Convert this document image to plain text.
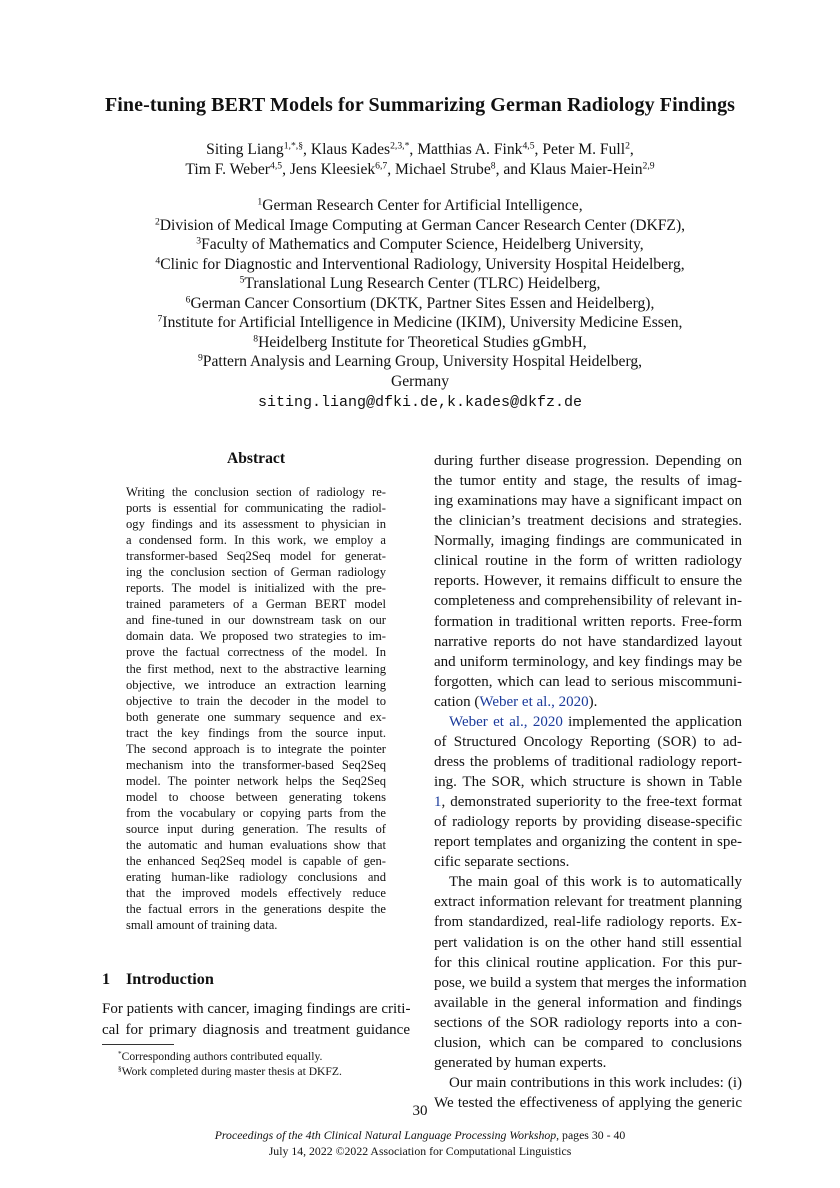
Fine-tuning BERT Models for Summarizing German Radiology Findings
Siting Liang$^{1,*,\S}$, Klaus Kades$^{2,3,*}$, Matthias A. Fink$^{4,5}$, Peter M. Full$^2$,
Tim F. Weber$^{4,5}$, Jens Kleesiek$^{6,7}$, Michael Strube$^8$, and Klaus Maier-Hein$^{2,9}$
$^1$German Research Center for Artificial Intelligence,
$^2$Division of Medical Image Computing at German Cancer Research Center (DKFZ),
$^3$Faculty of Mathematics and Computer Science, Heidelberg University,
$^4$Clinic for Diagnostic and Interventional Radiology, University Hospital Heidelberg,
$^5$Translational Lung Research Center (TLRC) Heidelberg,
$^6$German Cancer Consortium (DKTK, Partner Sites Essen and Heidelberg),
$^7$Institute for Artificial Intelligence in Medicine (IKIM), University Medicine Essen,
$^8$Heidelberg Institute for Theoretical Studies gGmbH,
$^9$Pattern Analysis and Learning Group, University Hospital Heidelberg,
Germany
siting.liang@dfki.de,k.kades@dkfz.de
Abstract
Writing the conclusion section of radiology re-
ports is essential for communicating the radiol-
ogy findings and its assessment to physician in
a condensed form. In this work, we employ a
transformer-based Seq2Seq model for generat-
ing the conclusion section of German radiology
reports. The model is initialized with the pre-
trained parameters of a German BERT model
and fine-tuned in our downstream task on our
domain data. We proposed two strategies to im-
prove the factual correctness of the model. In
the first method, next to the abstractive learning
objective, we introduce an extraction learning
objective to train the decoder in the model to
both generate one summary sequence and ex-
tract the key findings from the source input.
The second approach is to integrate the pointer
mechanism into the transformer-based Seq2Seq
model. The pointer network helps the Seq2Seq
model to choose between generating tokens
from the vocabulary or copying parts from the
source input during generation. The results of
the automatic and human evaluations show that
the enhanced Seq2Seq model is capable of gen-
erating human-like radiology conclusions and
that the improved models effectively reduce
the factual errors in the generations despite the
small amount of training data.
1 Introduction
For patients with cancer, imaging findings are criti-
cal for primary diagnosis and treatment guidance
*Corresponding authors contributed equally.
§Work completed during master thesis at DKFZ.
during further disease progression. Depending on
the tumor entity and stage, the results of imag-
ing examinations may have a significant impact on
the clinician’s treatment decisions and strategies.
Normally, imaging findings are communicated in
clinical routine in the form of written radiology
reports. However, it remains difficult to ensure the
completeness and comprehensibility of relevant in-
formation in traditional written reports. Free-form
narrative reports do not have standardized layout
and uniform terminology, and key findings may be
forgotten, which can lead to serious miscommuni-
cation (Weber et al., 2020).
Weber et al., 2020 implemented the application
of Structured Oncology Reporting (SOR) to ad-
dress the problems of traditional radiology report-
ing. The SOR, which structure is shown in Table
1, demonstrated superiority to the free-text format
of radiology reports by providing disease-specific
report templates and organizing the content in spe-
cific separate sections.
The main goal of this work is to automatically
extract information relevant for treatment planning
from standardized, real-life radiology reports. Ex-
pert validation is on the other hand still essential
for this clinical routine application. For this pur-
pose, we build a system that merges the information
available in the general information and findings
sections of the SOR radiology reports into a con-
clusion, which can be compared to conclusions
generated by human experts.
Our main contributions in this work includes: (i)
We tested the effectiveness of applying the generic
30
Proceedings of the 4th Clinical Natural Language Processing Workshop, pages 30 - 40
July 14, 2022 ©2022 Association for Computational Linguistics
